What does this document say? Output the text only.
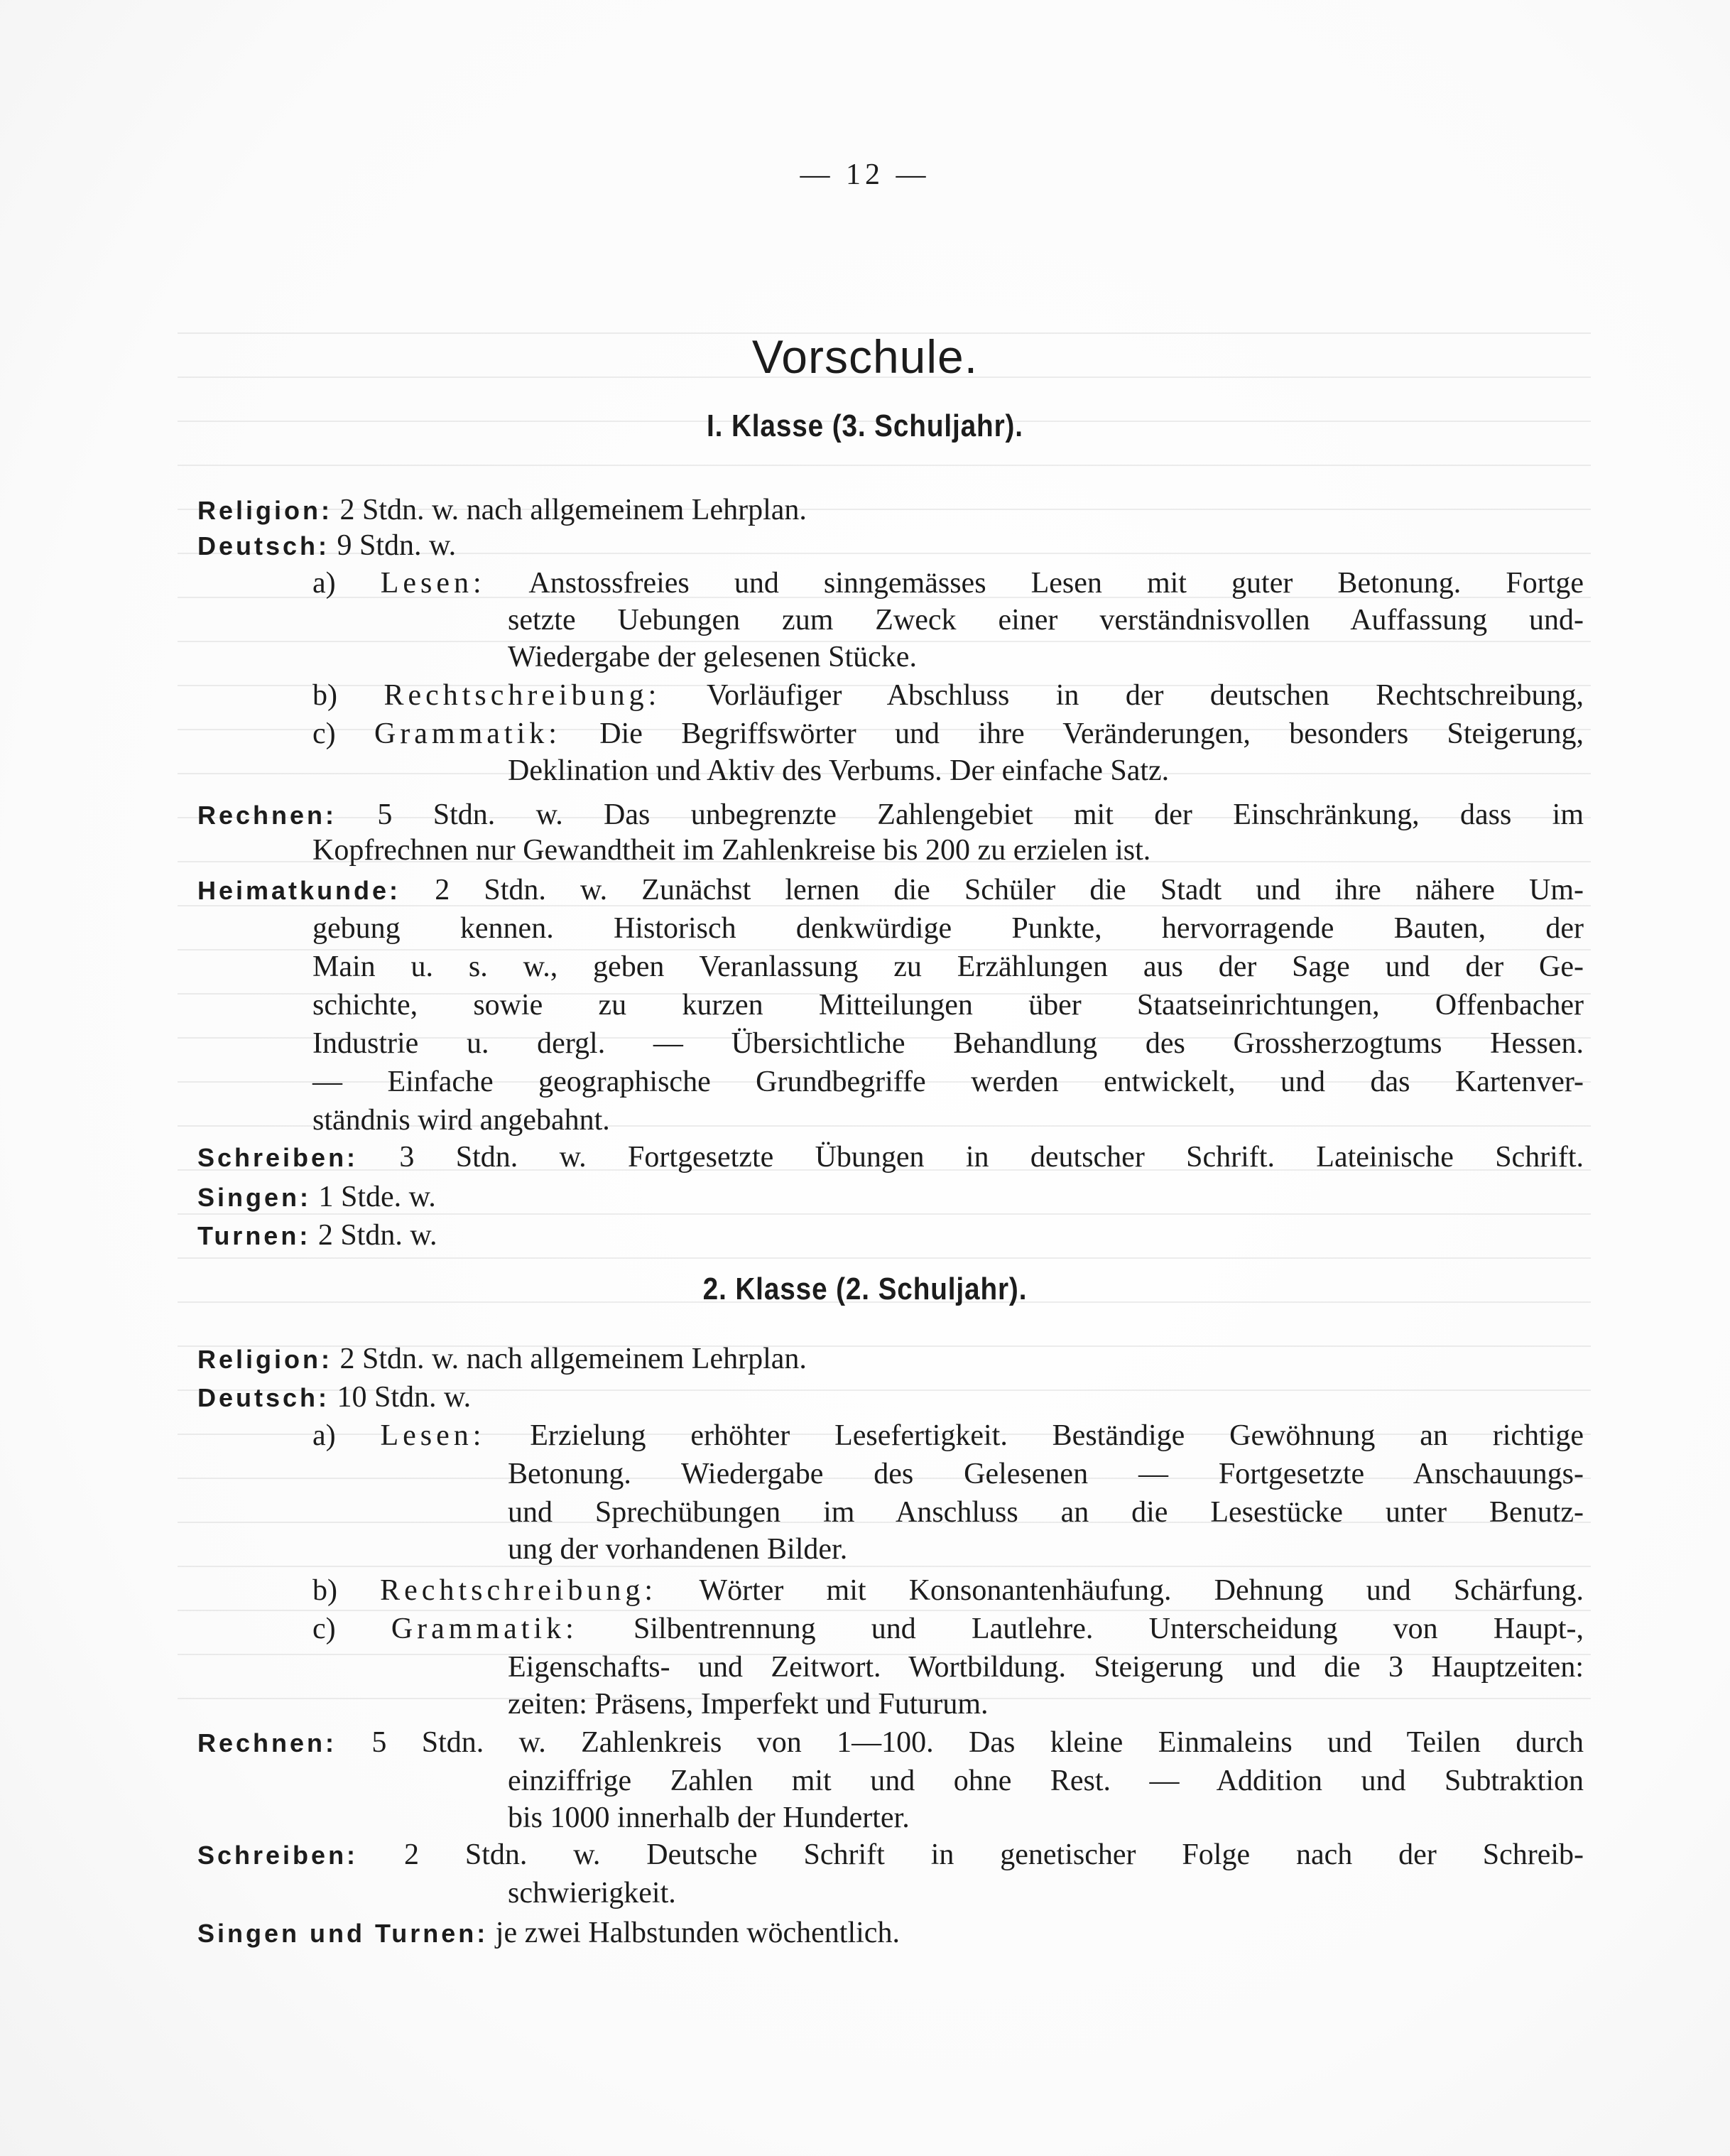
— 12 —
Vorschule.
I. Klasse (3. Schuljahr).
Religion: 2 Stdn. w. nach allgemeinem Lehrplan.
Deutsch: 9 Stdn. w.
a) Lesen: Anstossfreies und sinngemässes Lesen mit guter Betonung. Fortge
setzte Uebungen zum Zweck einer verständnisvollen Auffassung und-
Wiedergabe der gelesenen Stücke.
b) Rechtschreibung: Vorläufiger Abschluss in der deutschen Rechtschreibung,
c) Grammatik: Die Begriffswörter und ihre Veränderungen, besonders Steigerung,
Deklination und Aktiv des Verbums. Der einfache Satz.
Rechnen: 5 Stdn. w. Das unbegrenzte Zahlengebiet mit der Einschränkung, dass im
Kopfrechnen nur Gewandtheit im Zahlenkreise bis 200 zu erzielen ist.
Heimatkunde: 2 Stdn. w. Zunächst lernen die Schüler die Stadt und ihre nähere Um-
gebung kennen. Historisch denkwürdige Punkte, hervorragende Bauten, der
Main u. s. w., geben Veranlassung zu Erzählungen aus der Sage und der Ge-
schichte, sowie zu kurzen Mitteilungen über Staatseinrichtungen, Offenbacher
Industrie u. dergl. — Übersichtliche Behandlung des Grossherzogtums Hessen.
— Einfache geographische Grundbegriffe werden entwickelt, und das Kartenver-
ständnis wird angebahnt.
Schreiben: 3 Stdn. w. Fortgesetzte Übungen in deutscher Schrift. Lateinische Schrift.
Singen: 1 Stde. w.
Turnen: 2 Stdn. w.
2. Klasse (2. Schuljahr).
Religion: 2 Stdn. w. nach allgemeinem Lehrplan.
Deutsch: 10 Stdn. w.
a) Lesen: Erzielung erhöhter Lesefertigkeit. Beständige Gewöhnung an richtige
Betonung. Wiedergabe des Gelesenen — Fortgesetzte Anschauungs-
und Sprechübungen im Anschluss an die Lesestücke unter Benutz-
ung der vorhandenen Bilder.
b) Rechtschreibung: Wörter mit Konsonantenhäufung. Dehnung und Schärfung.
c) Grammatik: Silbentrennung und Lautlehre. Unterscheidung von Haupt-,
Eigenschafts- und Zeitwort. Wortbildung. Steigerung und die 3 Hauptzeiten:
zeiten: Präsens, Imperfekt und Futurum.
Rechnen: 5 Stdn. w. Zahlenkreis von 1—100. Das kleine Einmaleins und Teilen durch
einziffrige Zahlen mit und ohne Rest. — Addition und Subtraktion
bis 1000 innerhalb der Hunderter.
Schreiben: 2 Stdn. w. Deutsche Schrift in genetischer Folge nach der Schreib-
schwierigkeit.
Singen und Turnen: je zwei Halbstunden wöchentlich.
